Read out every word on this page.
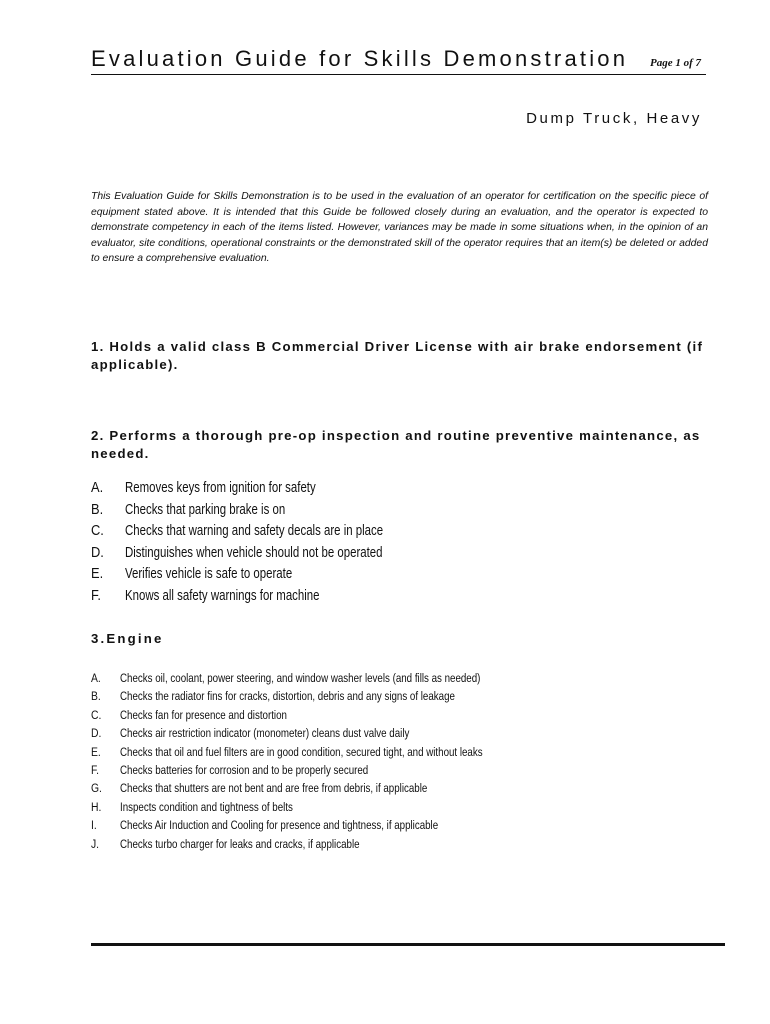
Evaluation Guide for Skills Demonstration Page 1 of 7
Dump Truck, Heavy

This Evaluation Guide for Skills Demonstration is to be used in the evaluation of an operator for certification on the specific piece of equipment stated above. It is intended that this Guide be followed closely during an evaluation, and the operator is expected to demonstrate competency in each of the items listed. However, variances may be made in some situations when, in the opinion of an evaluator, site conditions, operational constraints or the demonstrated skill of the operator requires that an item(s) be deleted or added to ensure a comprehensive evaluation.

1. Holds a valid class B Commercial Driver License with air brake endorsement (if applicable).
2. Performs a thorough pre-op inspection and routine preventive maintenance, as needed.
A. Removes keys from ignition for safety
B. Checks that parking brake is on
C. Checks that warning and safety decals are in place
D. Distinguishes when vehicle should not be operated
E. Verifies vehicle is safe to operate
F. Knows all safety warnings for machine
3.Engine
A. Checks oil, coolant, power steering, and window washer levels (and fills as needed)
B. Checks the radiator fins for cracks, distortion, debris and any signs of leakage
C. Checks fan for presence and distortion
D. Checks air restriction indicator (monometer) cleans dust valve daily
E. Checks that oil and fuel filters are in good condition, secured tight, and without leaks
F. Checks batteries for corrosion and to be properly secured
G. Checks that shutters are not bent and are free from debris, if applicable
H. Inspects condition and tightness of belts
I. Checks Air Induction and Cooling for presence and tightness, if applicable
J. Checks turbo charger for leaks and cracks, if applicable
